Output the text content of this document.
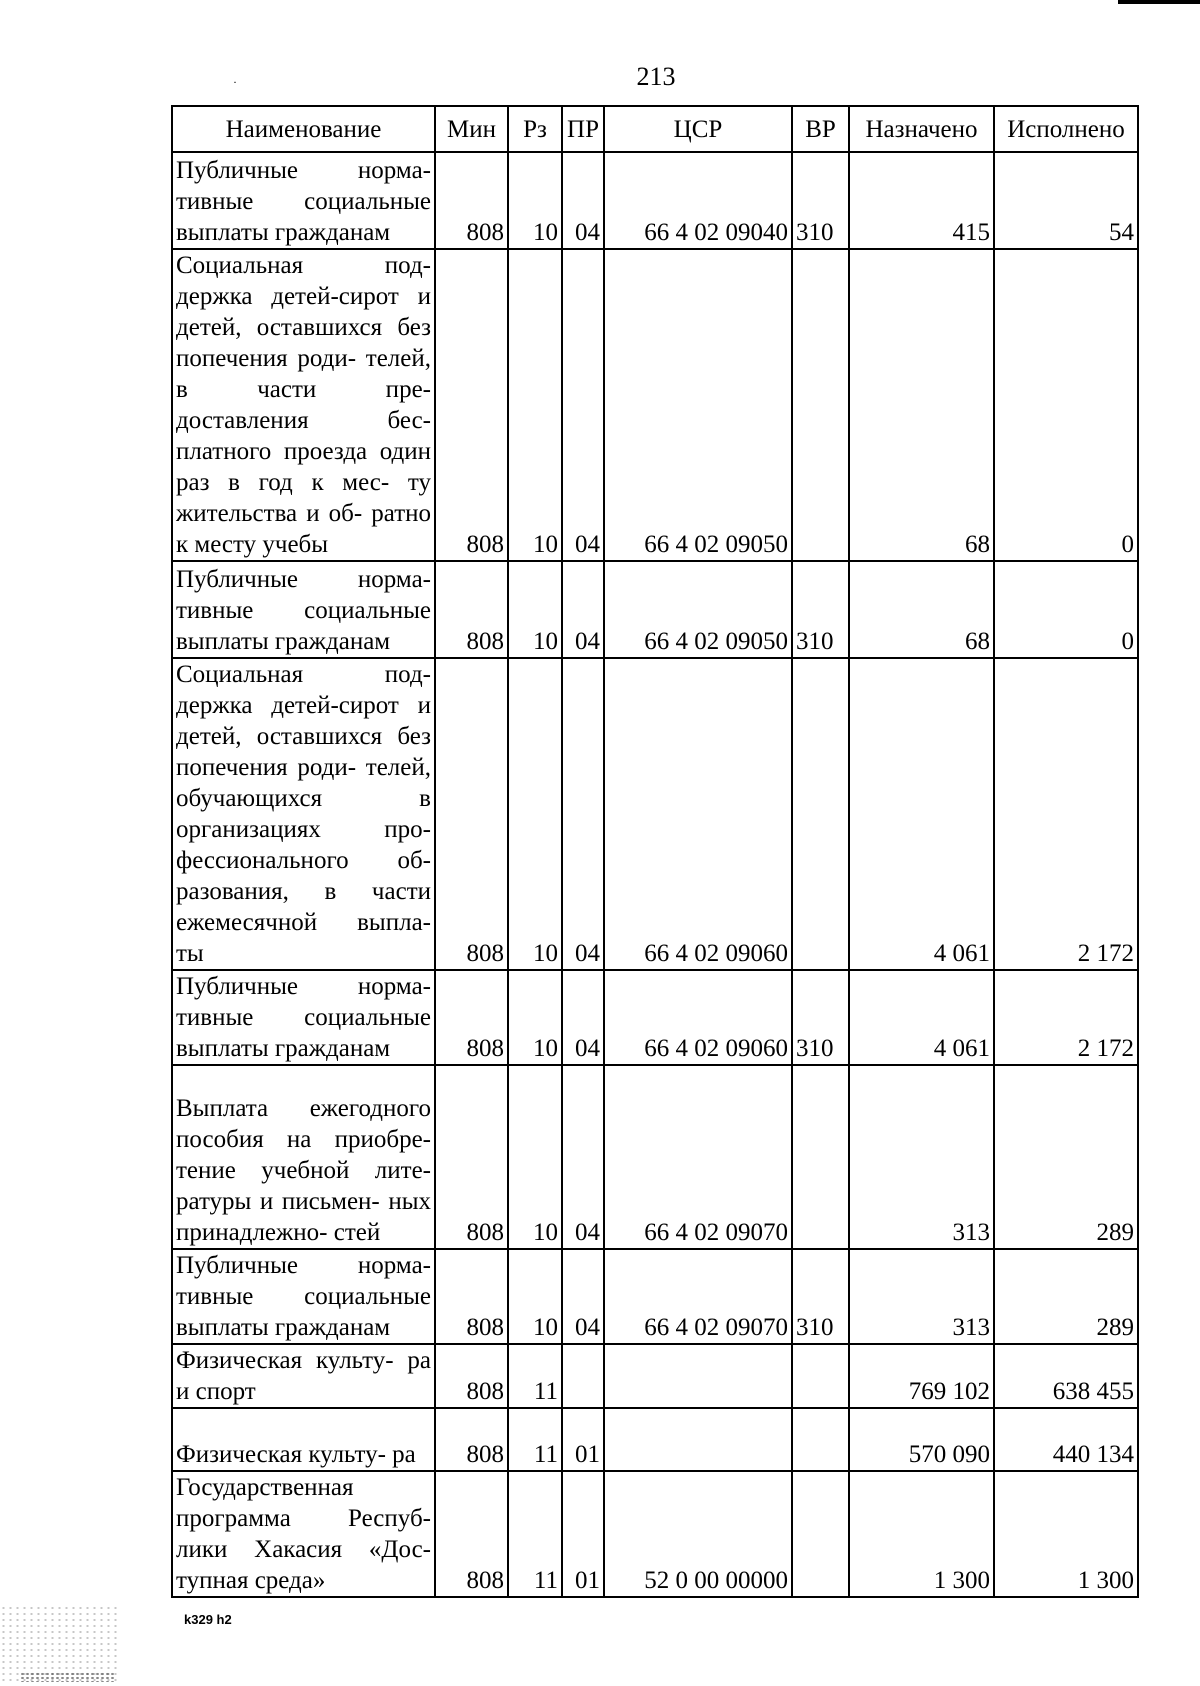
·	213
Наименование	Мин	Рз	ПР	ЦСР	ВР	Назначено	Исполнено
Публичные норма- тивные социальные выплаты гражданам	808	10	04	66 4 02 09040	310	415	54
Социальная под- держка детей-сирот и детей, оставшихся без попечения роди- телей, в части пре- доставления бес- платного проезда один раз в год к мес- ту жительства и об- ратно к месту учебы	808	10	04	66 4 02 09050		68	0
Публичные норма- тивные социальные выплаты гражданам	808	10	04	66 4 02 09050	310	68	0
Социальная под- держка детей-сирот и детей, оставшихся без попечения роди- телей, обучающихся в организациях про- фессионального об- разования, в части ежемесячной выпла- ты	808	10	04	66 4 02 09060		4 061	2 172
Публичные норма- тивные социальные выплаты гражданам	808	10	04	66 4 02 09060	310	4 061	2 172
Выплата ежегодного пособия на приобре- тение учебной лите- ратуры и письмен- ных принадлежно- стей	808	10	04	66 4 02 09070		313	289
Публичные норма- тивные социальные выплаты гражданам	808	10	04	66 4 02 09070	310	313	289
Физическая культу- ра и спорт	808	11				769 102	638 455
Физическая культу- ра	808	11	01			570 090	440 134
Государственная программа Респуб- лики Хакасия «Дос- тупная среда»	808	11	01	52 0 00 00000		1 300	1 300
k329 h2
